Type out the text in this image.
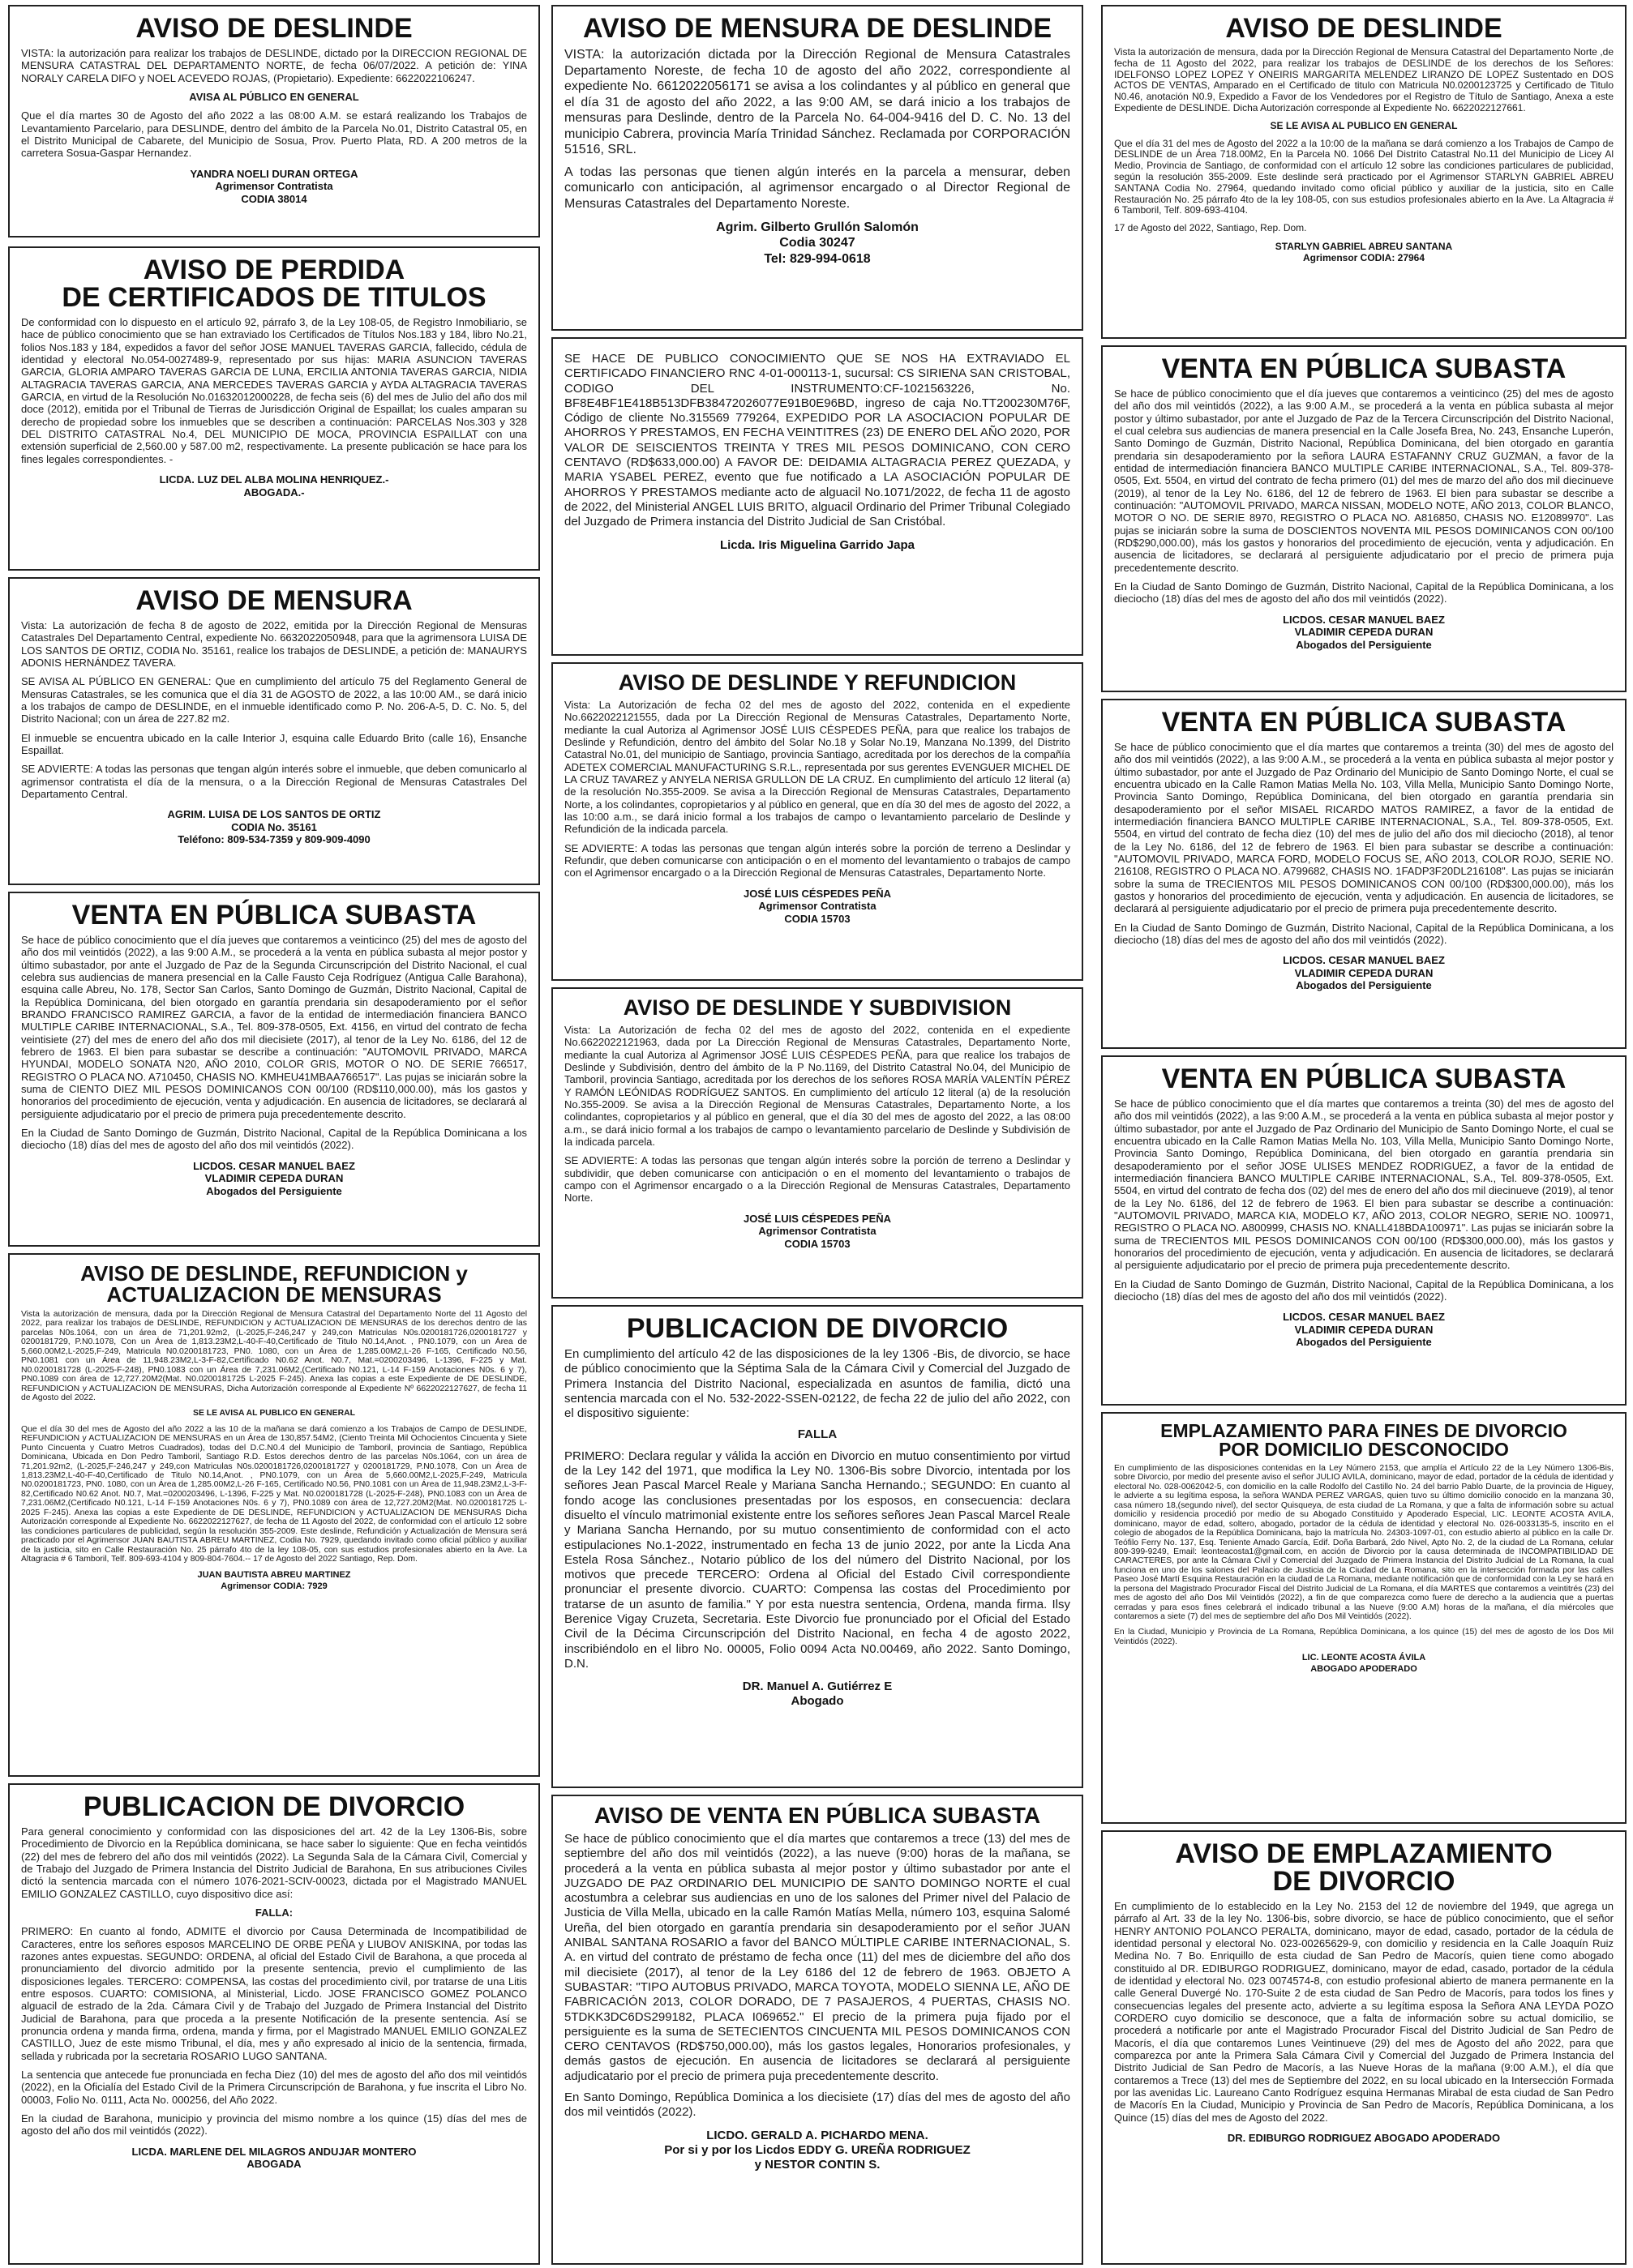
AVISO DE DESLINDE

VISTA: la autorización para realizar los trabajos de DESLINDE, dictado por la DIRECCION REGIONAL DE MENSURA CATASTRAL DEL DEPARTAMENTO NORTE, de fecha 06/07/2022. A petición de: YINA NORALY CARELA DIFO y NOEL ACEVEDO ROJAS, (Propietario). Expediente: 6622022106247.

AVISA AL PÚBLICO EN GENERAL

Que el día martes 30 de Agosto del año 2022 a las 08:00 A.M. se estará realizando los Trabajos de Levantamiento Parcelario, para DESLINDE, dentro del ámbito de la Parcela No.01, Distrito Catastral 05, en el Distrito Municipal de Cabarete, del Municipio de Sosua, Prov. Puerto Plata, RD. A 200 metros de la carretera Sosua-Gaspar Hernandez.

YANDRA NOELI DURAN ORTEGA
Agrimensor Contratista
CODIA 38014
AVISO DE PERDIDA
DE CERTIFICADOS DE TITULOS

De conformidad con lo dispuesto en el artículo 92, párrafo 3, de la Ley 108-05, de Registro Inmobiliario, se hace de público conocimiento que se han extraviado los Certificados de Títulos Nos.183 y 184, libro No.21, folios Nos.183 y 184, expedidos a favor del señor JOSE MANUEL TAVERAS GARCIA, fallecido, cédula de identidad y electoral No.054-0027489-9, representado por sus hijas: MARIA ASUNCION TAVERAS GARCIA, GLORIA AMPARO TAVERAS GARCIA DE LUNA, ERCILIA ANTONIA TAVERAS GARCIA, NIDIA ALTAGRACIA TAVERAS GARCIA, ANA MERCEDES TAVERAS GARCIA y AYDA ALTAGRACIA TAVERAS GARCIA, en virtud de la Resolución No.01632012000228, de fecha seis (6) del mes de Julio del año dos mil doce (2012), emitida por el Tribunal de Tierras de Jurisdicción Original de Espaillat; los cuales amparan su derecho de propiedad sobre los inmuebles que se describen a continuación: PARCELAS Nos.303 y 328 DEL DISTRITO CATASTRAL No.4, DEL MUNICIPIO DE MOCA, PROVINCIA ESPAILLAT con una extensión superficial de 2,560.00 y 587.00 m2, respectivamente. La presente publicación se hace para los fines legales correspondientes. -

LICDA. LUZ DEL ALBA MOLINA HENRIQUEZ.-
ABOGADA.-
AVISO DE MENSURA

Vista: La autorización de fecha 8 de agosto de 2022, emitida por la Dirección Regional de Mensuras Catastrales Del Departamento Central, expediente No. 6632022050948, para que la agrimensora LUISA DE LOS SANTOS DE ORTIZ, CODIA No. 35161, realice los trabajos de DESLINDE, a petición de: MANAURYS ADONIS HERNÁNDEZ TAVERA.

SE AVISA AL PÚBLICO EN GENERAL: Que en cumplimiento del artículo 75 del Reglamento General de Mensuras Catastrales, se les comunica que el día 31 de AGOSTO de 2022, a las 10:00 AM., se dará inicio a los trabajos de campo de DESLINDE, en el inmueble identificado como P. No. 206-A-5, D. C. No. 5, del Distrito Nacional; con un área de 227.82 m2.

El inmueble se encuentra ubicado en la calle Interior J, esquina calle Eduardo Brito (calle 16), Ensanche Espaillat.

SE ADVIERTE: A todas las personas que tengan algún interés sobre el inmueble, que deben comunicarlo al agrimensor contratista el día de la mensura, o a la Dirección Regional de Mensuras Catastrales Del Departamento Central.

AGRIM. LUISA DE LOS SANTOS DE ORTIZ
CODIA No. 35161
Teléfono: 809-534-7359 y 809-909-4090
VENTA EN PÚBLICA SUBASTA

Se hace de público conocimiento que el día jueves que contaremos a veinticinco (25) del mes de agosto del año dos mil veintidós (2022), a las 9:00 A.M., se procederá a la venta en pública subasta al mejor postor y último subastador, por ante el Juzgado de Paz de la Segunda Circunscripción del Distrito Nacional, el cual celebra sus audiencias de manera presencial en la Calle Fausto Ceja Rodríguez (Antigua Calle Barahona), esquina calle Abreu, No. 178, Sector San Carlos, Santo Domingo de Guzmán, Distrito Nacional, Capital de la República Dominicana, del bien otorgado en garantía prendaria sin desapoderamiento por el señor BRANDO FRANCISCO RAMIREZ GARCIA, a favor de la entidad de intermediación financiera BANCO MULTIPLE CARIBE INTERNACIONAL, S.A., Tel. 809-378-0505, Ext. 4156, en virtud del contrato de fecha veintisiete (27) del mes de enero del año dos mil diecisiete (2017), al tenor de la Ley No. 6186, del 12 de febrero de 1963. El bien para subastar se describe a continuación: "AUTOMOVIL PRIVADO, MARCA HYUNDAI, MODELO SONATA N20, AÑO 2010, COLOR GRIS, MOTOR O NO. DE SERIE 766517, REGISTRO O PLACA NO. A710450, CHASIS NO. KMHEU41MBAA766517". Las pujas se iniciarán sobre la suma de CIENTO DIEZ MIL PESOS DOMINICANOS CON 00/100 (RD$110,000.00), más los gastos y honorarios del procedimiento de ejecución, venta y adjudicación. En ausencia de licitadores, se declarará al persiguiente adjudicatario por el precio de primera puja precedentemente descrito.

En la Ciudad de Santo Domingo de Guzmán, Distrito Nacional, Capital de la República Dominicana a los dieciocho (18) días del mes de agosto del año dos mil veintidós (2022).

LICDOS. CESAR MANUEL BAEZ
VLADIMIR CEPEDA DURAN
Abogados del Persiguiente
AVISO DE DESLINDE, REFUNDICION y
ACTUALIZACION DE MENSURAS

Vista la autorización de mensura, dada por la Dirección Regional de Mensura Catastral del Departamento Norte del 11 Agosto del 2022, para realizar los trabajos de DESLINDE, REFUNDICION y ACTUALIZACION DE MENSURAS de los derechos dentro de las parcelas N0s.1064, con un área de 71,201.92m2, (L-2025,F-246,247 y 249,con Matriculas N0s.0200181726,0200181727 y 0200181729, P.N0.1078, Con un Área de 1,813.23M2,L-40-F-40,Certificado de Titulo N0.14,Anot. , PN0.1079, con un Área de 5,660.00M2,L-2025,F-249, Matricula N0.0200181723, PN0. 1080, con un Área de 1,285.00M2,L-26 F-165, Certificado N0.56, PN0.1081 con un Área de 11,948.23M2,L-3-F-82,Certificado N0.62 Anot. N0.7, Mat.=0200203496, L-1396, F-225 y Mat. N0.0200181728 (L-2025-F-248), PN0.1083 con un Área de 7,231.06M2,(Certificado N0.121, L-14 F-159 Anotaciones N0s. 6 y 7), PN0.1089 con área de 12,727.20M2(Mat. N0.0200181725 L-2025 F-245). Anexa las copias a este Expediente de DE DESLINDE, REFUNDICION y ACTUALIZACION DE MENSURAS, Dicha Autorización corresponde al Expediente Nº 6622022127627, de fecha 11 de Agosto del 2022.

SE LE AVISA AL PUBLICO EN GENERAL

Que el día 30 del mes de Agosto del año 2022 a las 10 de la mañana se dará comienzo a los Trabajos de Campo de DESLINDE, REFUNDICION y ACTUALIZACION DE MENSURAS en un Área de 130,857.54M2, (Ciento Treinta Mil Ochocientos Cincuenta y Siete Punto Cincuenta y Cuatro Metros Cuadrados), todas del D.C.N0.4 del Municipio de Tamboril, provincia de Santiago, República Dominicana, Ubicada en Don Pedro Tamboril, Santiago R.D. Estos derechos dentro de las parcelas N0s.1064, con un área de 71,201.92m2, (L-2025,F-246,247 y 249,con Matriculas N0s.0200181726,0200181727 y 0200181729, P.N0.1078, Con un Área de 1,813.23M2,L-40-F-40,Certificado de Titulo N0.14,Anot. , PN0.1079, con un Área de 5,660.00M2,L-2025,F-249, Matricula N0.0200181723, PN0. 1080, con un Área de 1,285.00M2,L-26 F-165, Certificado N0.56, PN0.1081 con un Área de 11,948.23M2,L-3-F-82,Certificado N0.62 Anot. N0.7, Mat.=0200203496, L-1396, F-225 y Mat. N0.0200181728 (L-2025-F-248), PN0.1083 con un Área de 7,231.06M2,(Certificado N0.121, L-14 F-159 Anotaciones N0s. 6 y 7), PN0.1089 con área de 12,727.20M2(Mat. N0.0200181725 L-2025 F-245). Anexa las copias a este Expediente de DE DESLINDE, REFUNDICION y ACTUALIZACION DE MENSURAS Dicha Autorización corresponde al Expediente No. 6622022127627, de fecha de 11 Agosto del 2022, de conformidad con el artículo 12 sobre las condiciones particulares de publicidad, según la resolución 355-2009. Este deslinde, Refundición y Actualización de Mensura será practicado por el Agrimensor JUAN BAUTISTA ABREU MARTINEZ, Codia No. 7929, quedando invitado como oficial público y auxiliar de la justicia, sito en Calle Restauración No. 25 párrafo 4to de la ley 108-05, con sus estudios profesionales abierto en la Ave. La Altagracia # 6 Tamboril, Telf. 809-693-4104 y 809-804-7604.-- 17 de Agosto del 2022 Santiago, Rep. Dom.

JUAN BAUTISTA ABREU MARTINEZ
Agrimensor CODIA: 7929
PUBLICACION DE DIVORCIO

Para general conocimiento y conformidad con las disposiciones del art. 42 de la Ley 1306-Bis, sobre Procedimiento de Divorcio en la República dominicana, se hace saber lo siguiente: Que en fecha veintidós (22) del mes de febrero del año dos mil veintidós (2022). La Segunda Sala de la Cámara Civil, Comercial y de Trabajo del Juzgado de Primera Instancia del Distrito Judicial de Barahona, En sus atribuciones Civiles dictó la sentencia marcada con el número 1076-2021-SCIV-00023, dictada por el Magistrado MANUEL EMILIO GONZALEZ CASTILLO, cuyo dispositivo dice así:

FALLA:

PRIMERO: En cuanto al fondo, ADMITE el divorcio por Causa Determinada de Incompatibilidad de Caracteres, entre los señores esposos MARCELINO DE ORBE PEÑA y LIUBOV ANISKINA, por todas las razones antes expuestas. SEGUNDO: ORDENA, al oficial del Estado Civil de Barahona, a que proceda al pronunciamiento del divorcio admitido por la presente sentencia, previo el cumplimiento de las disposiciones legales. TERCERO: COMPENSA, las costas del procedimiento civil, por tratarse de una Litis entre esposos. CUARTO: COMISIONA, al Ministerial, Licdo. JOSE FRANCISCO GOMEZ POLANCO alguacil de estrado de la 2da. Cámara Civil y de Trabajo del Juzgado de Primera Instancial del Distrito Judicial de Barahona, para que proceda a la presente Notificación de la presente sentencia. Así se pronuncia ordena y manda firma, ordena, manda y firma, por el Magistrado MANUEL EMILIO GONZALEZ CASTILLO, Juez de este mismo Tribunal, el día, mes y año expresado al inicio de la sentencia, firmada, sellada y rubricada por la secretaria ROSARIO LUGO SANTANA.

La sentencia que antecede fue pronunciada en fecha Diez (10) del mes de agosto del año dos mil veintidós (2022), en la Oficialía del Estado Civil de la Primera Circunscripción de Barahona, y fue inscrita el Libro No. 00003, Folio No. 0111, Acta No. 000256, del Año 2022.

En la ciudad de Barahona, municipio y provincia del mismo nombre a los quince (15) días del mes de agosto del año dos mil veintidós (2022).

LICDA. MARLENE DEL MILAGROS ANDUJAR MONTERO
ABOGADA
AVISO DE MENSURA DE DESLINDE

VISTA: la autorización dictada por la Dirección Regional de Mensura Catastrales Departamento Noreste, de fecha 10 de agosto del año 2022, correspondiente al expediente No. 6612022056171 se avisa a los colindantes y al público en general que el día 31 de agosto del año 2022, a las 9:00 AM, se dará inicio a los trabajos de mensuras para Deslinde, dentro de la Parcela No. 64-004-9416 del D. C. No. 13 del municipio Cabrera, provincia María Trinidad Sánchez. Reclamada por CORPORACIÓN 51516, SRL.

A todas las personas que tienen algún interés en la parcela a mensurar, deben comunicarlo con anticipación, al agrimensor encargado o al Director Regional de Mensuras Catastrales del Departamento Noreste.

Agrim. Gilberto Grullón Salomón
Codia 30247
Tel: 829-994-0618

SE HACE DE PUBLICO CONOCIMIENTO QUE SE NOS HA EXTRAVIADO EL CERTIFICADO FINANCIERO RNC 4-01-000113-1, sucursal: CS SIRIENA SAN CRISTOBAL, CODIGO DEL INSTRUMENTO:CF-1021563226, No. BF8E4BF1E418B513DFB38472026077E91B0E96BD, ingreso de caja No.TT200230M76F, Código de cliente No.315569 779264, EXPEDIDO POR LA ASOCIACION POPULAR DE AHORROS Y PRESTAMOS, EN FECHA VEINTITRES (23) DE ENERO DEL AÑO 2020, POR VALOR DE SEISCIENTOS TREINTA Y TRES MIL PESOS DOMINICANO, CON CERO CENTAVO (RD$633,000.00) A FAVOR DE: DEIDAMIA ALTAGRACIA PEREZ QUEZADA, y MARIA YSABEL PEREZ, evento que fue notificado a LA ASOCIACIÓN POPULAR DE AHORROS Y PRESTAMOS mediante acto de alguacil No.1071/2022, de fecha 11 de agosto de 2022, del Ministerial ANGEL LUIS BRITO, alguacil Ordinario del Primer Tribunal Colegiado del Juzgado de Primera instancia del Distrito Judicial de San Cristóbal.

Licda. Iris Miguelina Garrido Japa
AVISO DE DESLINDE Y REFUNDICION

Vista: La Autorización de fecha 02 del mes de agosto del 2022, contenida en el expediente No.6622022121555, dada por La Dirección Regional de Mensuras Catastrales, Departamento Norte, mediante la cual Autoriza al Agrimensor JOSÉ LUIS CÉSPEDES PEÑA, para que realice los trabajos de Deslinde y Refundición, dentro del ámbito del Solar No.18 y Solar No.19, Manzana No.1399, del Distrito Catastral No.01, del municipio de Santiago, provincia Santiago, acreditada por los derechos de la compañía ADETEX COMERCIAL MANUFACTURING S.R.L., representada por sus gerentes EVENGUER MICHEL DE LA CRUZ TAVAREZ y ANYELA NERISA GRULLON DE LA CRUZ. En cumplimiento del artículo 12 literal (a) de la resolución No.355-2009. Se avisa a la Dirección Regional de Mensuras Catastrales, Departamento Norte, a los colindantes, copropietarios y al público en general, que en día 30 del mes de agosto del 2022, a las 10:00 a.m., se dará inicio formal a los trabajos de campo o levantamiento parcelario de Deslinde y Refundición de la indicada parcela.

SE ADVIERTE: A todas las personas que tengan algún interés sobre la porción de terreno a Deslindar y Refundir, que deben comunicarse con anticipación o en el momento del levantamiento o trabajos de campo con el Agrimensor encargado o a la Dirección Regional de Mensuras Catastrales, Departamento Norte.

JOSÉ LUIS CÉSPEDES PEÑA
Agrimensor Contratista
CODIA 15703
AVISO DE DESLINDE Y SUBDIVISION

Vista: La Autorización de fecha 02 del mes de agosto del 2022, contenida en el expediente No.6622022121963, dada por La Dirección Regional de Mensuras Catastrales, Departamento Norte, mediante la cual Autoriza al Agrimensor JOSÉ LUIS CÉSPEDES PEÑA, para que realice los trabajos de Deslinde y Subdivisión, dentro del ámbito de la P No.1169, del Distrito Catastral No.04, del Municipio de Tamboril, provincia Santiago, acreditada por los derechos de los señores ROSA MARÍA VALENTÍN PÉREZ Y RAMÓN LEÓNIDAS RODRÍGUEZ SANTOS. En cumplimiento del artículo 12 literal (a) de la resolución No.355-2009. Se avisa a la Dirección Regional de Mensuras Catastrales, Departamento Norte, a los colindantes, copropietarios y al público en general, que el día 30 del mes de agosto del 2022, a las 08:00 a.m., se dará inicio formal a los trabajos de campo o levantamiento parcelario de Deslinde y Subdivisión de la indicada parcela.

SE ADVIERTE: A todas las personas que tengan algún interés sobre la porción de terreno a Deslindar y subdividir, que deben comunicarse con anticipación o en el momento del levantamiento o trabajos de campo con el Agrimensor encargado o a la Dirección Regional de Mensuras Catastrales, Departamento Norte.

JOSÉ LUIS CÉSPEDES PEÑA
Agrimensor Contratista
CODIA 15703
PUBLICACION DE DIVORCIO

En cumplimiento del artículo 42 de las disposiciones de la ley 1306 -Bis, de divorcio, se hace de público conocimiento que la Séptima Sala de la Cámara Civil y Comercial del Juzgado de Primera Instancia del Distrito Nacional, especializada en asuntos de familia, dictó una sentencia marcada con el No. 532-2022-SSEN-02122, de fecha 22 de julio del año 2022, con el dispositivo siguiente:

FALLA

PRIMERO: Declara regular y válida la acción en Divorcio en mutuo consentimiento por virtud de la Ley 142 del 1971, que modifica la Ley N0. 1306-Bis sobre Divorcio, intentada por los señores Jean Pascal Marcel Reale y Mariana Sancha Hernando.; SEGUNDO: En cuanto al fondo acoge las conclusiones presentadas por los esposos, en consecuencia: declara disuelto el vínculo matrimonial existente entre los señores señores Jean Pascal Marcel Reale y Mariana Sancha Hernando, por su mutuo consentimiento de conformidad con el acto estipulaciones No.1-2022, instrumentado en fecha 13 de junio 2022, por ante la Licda Ana Estela Rosa Sánchez., Notario público de los del número del Distrito Nacional, por los motivos que precede TERCERO: Ordena al Oficial del Estado Civil correspondiente pronunciar el presente divorcio. CUARTO: Compensa las costas del Procedimiento por tratarse de un asunto de familia." Y por esta nuestra sentencia, Ordena, manda firma. Ilsy Berenice Vigay Cruzeta, Secretaria. Este Divorcio fue pronunciado por el Oficial del Estado Civil de la Décima Circunscripción del Distrito Nacional, en fecha 4 de agosto 2022, inscribiéndolo en el libro No. 00005, Folio 0094 Acta N0.00469, año 2022. Santo Domingo, D.N.

DR. Manuel A. Gutiérrez E
Abogado
AVISO DE VENTA EN PÚBLICA SUBASTA

Se hace de público conocimiento que el día martes que contaremos a trece (13) del mes de septiembre del año dos mil veintidós (2022), a las nueve (9:00) horas de la mañana, se procederá a la venta en pública subasta al mejor postor y último subastador por ante el JUZGADO DE PAZ ORDINARIO DEL MUNICIPIO DE SANTO DOMINGO NORTE el cual acostumbra a celebrar sus audiencias en uno de los salones del Primer nivel del Palacio de Justicia de Villa Mella, ubicado en la calle Ramón Matías Mella, número 103, esquina Salomé Ureña, del bien otorgado en garantía prendaria sin desapoderamiento por el señor JUAN ANIBAL SANTANA ROSARIO a favor del BANCO MÚLTIPLE CARIBE INTERNACIONAL, S. A. en virtud del contrato de préstamo de fecha once (11) del mes de diciembre del año dos mil diecisiete (2017), al tenor de la Ley 6186 del 12 de febrero de 1963. OBJETO A SUBASTAR: "TIPO AUTOBUS PRIVADO, MARCA TOYOTA, MODELO SIENNA LE, AÑO DE FABRICACIÓN 2013, COLOR DORADO, DE 7 PASAJEROS, 4 PUERTAS, CHASIS NO. 5TDKK3DC6DS299182, PLACA I069652." El precio de la primera puja fijado por el persiguiente es la suma de SETECIENTOS CINCUENTA MIL PESOS DOMINICANOS CON CERO CENTAVOS (RD$750,000.00), más los gastos legales, Honorarios profesionales, y demás gastos de ejecución. En ausencia de licitadores se declarará al persiguiente adjudicatario por el precio de primera puja precedentemente descrito.

En Santo Domingo, República Dominica a los diecisiete (17) días del mes de agosto del año dos mil veintidós (2022).

LICDO. GERALD A. PICHARDO MENA.
Por si y por los Licdos EDDY G. UREÑA RODRIGUEZ
y NESTOR CONTIN S.
AVISO DE DESLINDE

Vista la autorización de mensura, dada por la Dirección Regional de Mensura Catastral del Departamento Norte ,de fecha de 11 Agosto del 2022, para realizar los trabajos de DESLINDE de los derechos de los Señores: IDELFONSO LOPEZ LOPEZ Y ONEIRIS MARGARITA MELENDEZ LIRANZO DE LOPEZ Sustentado en DOS ACTOS DE VENTAS, Amparado en el Certificado de titulo con Matricula N0.0200123725 y Certificado de Titulo N0.46, anotación N0.9, Expedido a Favor de los Vendedores por el Registro de Título de Santiago, Anexa a este Expediente de DESLINDE. Dicha Autorización corresponde al Expediente No. 6622022127661.

SE LE AVISA AL PUBLICO EN GENERAL

Que el día 31 del mes de Agosto del 2022 a la 10:00 de la mañana se dará comienzo a los Trabajos de Campo de DESLINDE de un Área 718.00M2, En la Parcela N0. 1066 Del Distrito Catastral No.11 del Municipio de Licey Al Medio, Provincia de Santiago, de conformidad con el artículo 12 sobre las condiciones particulares de publicidad, según la resolución 355-2009. Este deslinde será practicado por el Agrimensor STARLYN GABRIEL ABREU SANTANA Codia No. 27964, quedando invitado como oficial público y auxiliar de la justicia, sito en Calle Restauración No. 25 párrafo 4to de la ley 108-05, con sus estudios profesionales abierto en la Ave. La Altagracia # 6 Tamboril, Telf. 809-693-4104.

17 de Agosto del 2022, Santiago, Rep. Dom.

STARLYN GABRIEL ABREU SANTANA
Agrimensor CODIA: 27964
VENTA EN PÚBLICA SUBASTA

Se hace de público conocimiento que el día jueves que contaremos a veinticinco (25) del mes de agosto del año dos mil veintidós (2022), a las 9:00 A.M., se procederá a la venta en pública subasta al mejor postor y último subastador, por ante el Juzgado de Paz de la Tercera Circunscripción del Distrito Nacional, el cual celebra sus audiencias de manera presencial en la Calle Josefa Brea, No. 243, Ensanche Luperón, Santo Domingo de Guzmán, Distrito Nacional, República Dominicana, del bien otorgado en garantía prendaria sin desapoderamiento por la señora LAURA ESTAFANNY CRUZ GUZMAN, a favor de la entidad de intermediación financiera BANCO MULTIPLE CARIBE INTERNACIONAL, S.A., Tel. 809-378-0505, Ext. 5504, en virtud del contrato de fecha primero (01) del mes de marzo del año dos mil diecinueve (2019), al tenor de la Ley No. 6186, del 12 de febrero de 1963. El bien para subastar se describe a continuación: "AUTOMOVIL PRIVADO, MARCA NISSAN, MODELO NOTE, AÑO 2013, COLOR BLANCO, MOTOR O NO. DE SERIE 8970, REGISTRO O PLACA NO. A816850, CHASIS NO. E12089970". Las pujas se iniciarán sobre la suma de DOSCIENTOS NOVENTA MIL PESOS DOMINICANOS CON 00/100 (RD$290,000.00), más los gastos y honorarios del procedimiento de ejecución, venta y adjudicación. En ausencia de licitadores, se declarará al persiguiente adjudicatario por el precio de primera puja precedentemente descrito.

En la Ciudad de Santo Domingo de Guzmán, Distrito Nacional, Capital de la República Dominicana, a los dieciocho (18) días del mes de agosto del año dos mil veintidós (2022).

LICDOS. CESAR MANUEL BAEZ
VLADIMIR CEPEDA DURAN
Abogados del Persiguiente
VENTA EN PÚBLICA SUBASTA

Se hace de público conocimiento que el día martes que contaremos a treinta (30) del mes de agosto del año dos mil veintidós (2022), a las 9:00 A.M., se procederá a la venta en pública subasta al mejor postor y último subastador, por ante el Juzgado de Paz Ordinario del Municipio de Santo Domingo Norte, el cual se encuentra ubicado en la Calle Ramon Matias Mella No. 103, Villa Mella, Municipio Santo Domingo Norte, Provincia Santo Domingo, República Dominicana, del bien otorgado en garantía prendaria sin desapoderamiento por el señor MISAEL RICARDO MATOS RAMIREZ, a favor de la entidad de intermediación financiera BANCO MULTIPLE CARIBE INTERNACIONAL, S.A., Tel. 809-378-0505, Ext. 5504, en virtud del contrato de fecha diez (10) del mes de julio del año dos mil dieciocho (2018), al tenor de la Ley No. 6186, del 12 de febrero de 1963. El bien para subastar se describe a continuación: "AUTOMOVIL PRIVADO, MARCA FORD, MODELO FOCUS SE, AÑO 2013, COLOR ROJO, SERIE NO. 216108, REGISTRO O PLACA NO. A799682, CHASIS NO. 1FADP3F20DL216108". Las pujas se iniciarán sobre la suma de TRECIENTOS MIL PESOS DOMINICANOS CON 00/100 (RD$300,000.00), más los gastos y honorarios del procedimiento de ejecución, venta y adjudicación. En ausencia de licitadores, se declarará al persiguiente adjudicatario por el precio de primera puja precedentemente descrito.

En la Ciudad de Santo Domingo de Guzmán, Distrito Nacional, Capital de la República Dominicana, a los dieciocho (18) días del mes de agosto del año dos mil veintidós (2022).

LICDOS. CESAR MANUEL BAEZ
VLADIMIR CEPEDA DURAN
Abogados del Persiguiente
VENTA EN PÚBLICA SUBASTA

Se hace de público conocimiento que el día martes que contaremos a treinta (30) del mes de agosto del año dos mil veintidós (2022), a las 9:00 A.M., se procederá a la venta en pública subasta al mejor postor y último subastador, por ante el Juzgado de Paz Ordinario del Municipio de Santo Domingo Norte, el cual se encuentra ubicado en la Calle Ramon Matias Mella No. 103, Villa Mella, Municipio Santo Domingo Norte, Provincia Santo Domingo, República Dominicana, del bien otorgado en garantía prendaria sin desapoderamiento por el señor JOSE ULISES MENDEZ RODRIGUEZ, a favor de la entidad de intermediación financiera BANCO MULTIPLE CARIBE INTERNACIONAL, S.A., Tel. 809-378-0505, Ext. 5504, en virtud del contrato de fecha dos (02) del mes de enero del año dos mil diecinueve (2019), al tenor de la Ley No. 6186, del 12 de febrero de 1963. El bien para subastar se describe a continuación: "AUTOMOVIL PRIVADO, MARCA KIA, MODELO K7, AÑO 2013, COLOR NEGRO, SERIE NO. 100971, REGISTRO O PLACA NO. A800999, CHASIS NO. KNALL418BDA100971". Las pujas se iniciarán sobre la suma de TRECIENTOS MIL PESOS DOMINICANOS CON 00/100 (RD$300,000.00), más los gastos y honorarios del procedimiento de ejecución, venta y adjudicación. En ausencia de licitadores, se declarará al persiguiente adjudicatario por el precio de primera puja precedentemente descrito.

En la Ciudad de Santo Domingo de Guzmán, Distrito Nacional, Capital de la República Dominicana, a los dieciocho (18) días del mes de agosto del año dos mil veintidós (2022).

LICDOS. CESAR MANUEL BAEZ
VLADIMIR CEPEDA DURAN
Abogados del Persiguiente
EMPLAZAMIENTO PARA FINES DE DIVORCIO
POR DOMICILIO DESCONOCIDO

En cumplimiento de las disposiciones contenidas en la Ley Número 2153, que amplía el Artículo 22 de la Ley Número 1306-Bis, sobre Divorcio, por medio del presente aviso el señor JULIO AVILA, dominicano, mayor de edad, portador de la cédula de identidad y electoral No. 028-0062042-5, con domicilio en la calle Rodolfo del Castillo No. 24 del barrio Pablo Duarte, de la provincia de Higuey, le advierte a su legítima esposa, la señora WANDA PEREZ VARGAS, quien tuvo su último domicilio conocido en la manzana 30, casa número 18,(segundo nivel), del sector Quisqueya, de esta ciudad de La Romana, y que a falta de información sobre su actual domicilio y residencia procedió por medio de su Abogado Constituido y Apoderado Especial, LIC. LEONTE ACOSTA AVILA, dominicano, mayor de edad, soltero, abogado, portador de la cédula de identidad y electoral No. 026-0033135-5, inscrito en el colegio de abogados de la República Dominicana, bajo la matrícula No. 24303-1097-01, con estudio abierto al público en la calle Dr. Teófilo Ferry No. 137, Esq. Teniente Amado García, Edif. Doña Barbará, 2do Nivel, Apto No. 2, de la ciudad de La Romana, celular 809-399-9249, Email: leonteacosta1@gmail.com, en acción de Divorcio por la causa determinada de INCOMPATIBILIDAD DE CARACTERES, por ante la Cámara Civil y Comercial del Juzgado de Primera Instancia del Distrito Judicial de La Romana, la cual funciona en uno de los salones del Palacio de Justicia de la Ciudad de La Romana, sito en la intersección formada por las calles Paseo José Martí Esquina Restauración en la ciudad de La Romana, mediante notificación que de conformidad con la Ley se hará en la persona del Magistrado Procurador Fiscal del Distrito Judicial de La Romana, el día MARTES que contaremos a veintitrés (23) del mes de agosto del año Dos Mil Veintidós (2022), a fin de que comparezca como fuere de derecho a la audiencia que a puertas cerradas y para esos fines celebrará el indicado tribunal a las Nueve (9:00 A.M) horas de la mañana, el día miércoles que contaremos a siete (7) del mes de septiembre del año Dos Mil Veintidós (2022).

En la Ciudad, Municipio y Provincia de La Romana, República Dominicana, a los quince (15) del mes de agosto de los Dos Mil Veintidós (2022).

LIC. LEONTE ACOSTA ÁVILA
ABOGADO APODERADO
AVISO DE EMPLAZAMIENTO
DE DIVORCIO

En cumplimiento de lo establecido en la Ley No. 2153 del 12 de noviembre del 1949, que agrega un párrafo al Art. 33 de la ley No. 1306-bis, sobre divorcio, se hace de público conocimiento, que el señor HENRY ANTONIO POLANCO PERALTA, dominicano, mayor de edad, casado, portador de la cédula de identidad personal y electoral No. 023-00265629-9, con domicilio y residencia en la Calle Joaquín Ruiz Medina No. 7 Bo. Enriquillo de esta ciudad de San Pedro de Macorís, quien tiene como abogado constituido al DR. EDIBURGO RODRIGUEZ, dominicano, mayor de edad, casado, portador de la cédula de identidad y electoral No. 023 0074574-8, con estudio profesional abierto de manera permanente en la calle General Duvergé No. 170-Suite 2 de esta ciudad de San Pedro de Macorís, para todos los fines y consecuencias legales del presente acto, advierte a su legítima esposa la Señora ANA LEYDA POZO CORDERO cuyo domicilio se desconoce, que a falta de información sobre su actual domicilio, se procederá a notificarle por ante el Magistrado Procurador Fiscal del Distrito Judicial de San Pedro de Macorís, el día que contaremos Lunes Veintinueve (29) del mes de Agosto del año 2022, para que comparezca por ante la Primera Sala Cámara Civil y Comercial del Juzgado de Primera Instancia del Distrito Judicial de San Pedro de Macorís, a las Nueve Horas de la mañana (9:00 A.M.), el día que contaremos a Trece (13) del mes de Septiembre del 2022, en su local ubicado en la Intersección Formada por las avenidas Lic. Laureano Canto Rodríguez esquina Hermanas Mirabal de esta ciudad de San Pedro de Macorís En la Ciudad, Municipio y Provincia de San Pedro de Macorís, República Dominicana, a los Quince (15) días del mes de Agosto del 2022.

DR. EDIBURGO RODRIGUEZ ABOGADO APODERADO
